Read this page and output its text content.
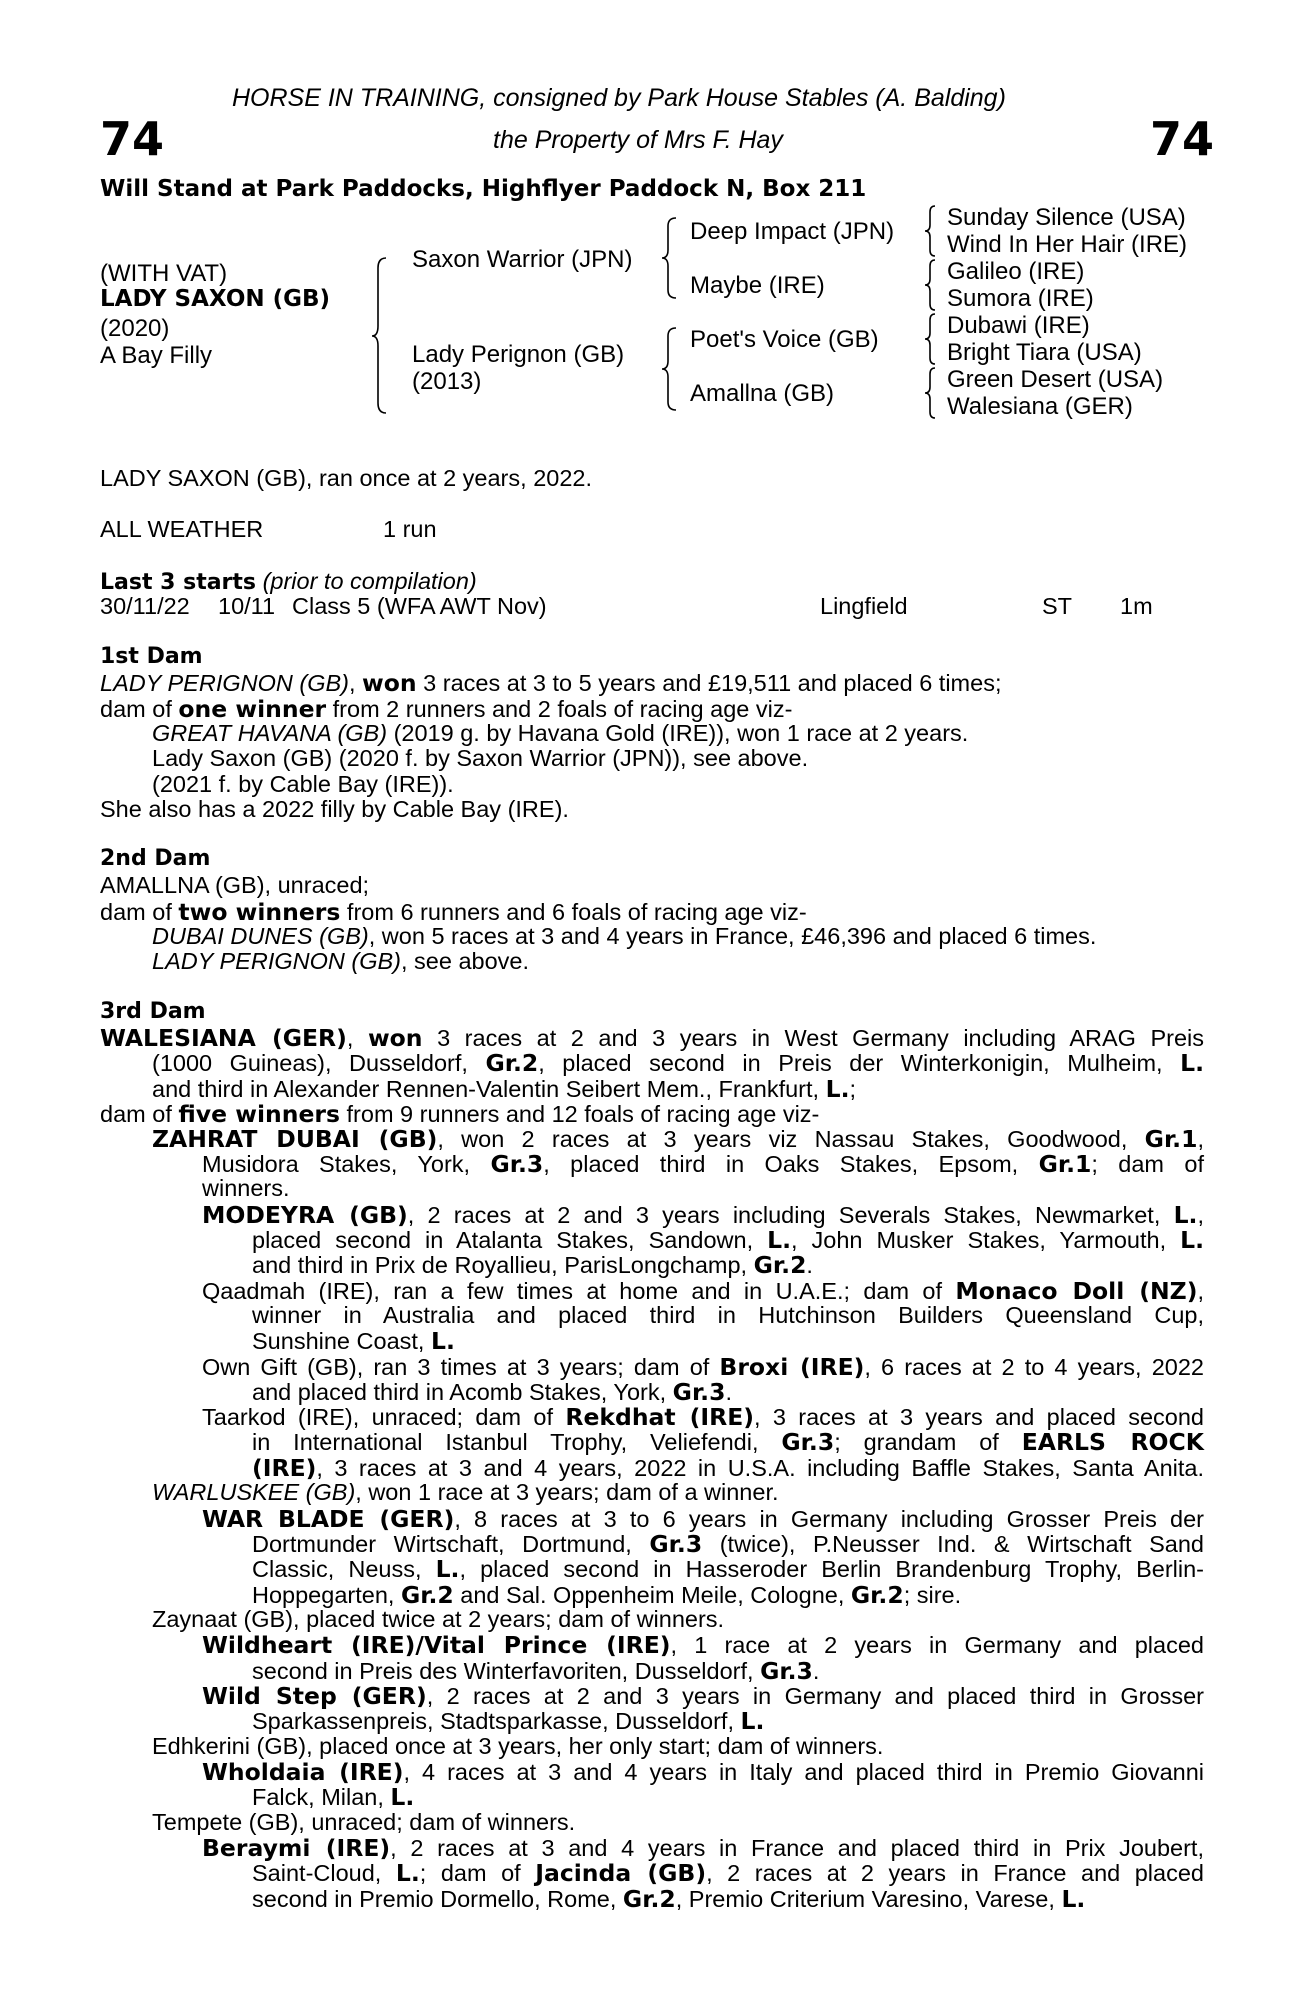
74	74
HORSE IN TRAINING, consigned by Park House Stables (A. Balding)
the Property of Mrs F. Hay
Will Stand at Park Paddocks, Highflyer Paddock N, Box 211
(WITH VAT)
LADY SAXON (GB)
(2020)
A Bay Filly
Saxon Warrior (JPN)
Lady Perignon (GB)
(2013)
Deep Impact (JPN)
Maybe (IRE)
Poet's Voice (GB)
Amallna (GB)
Sunday Silence (USA)
Wind In Her Hair (IRE)
Galileo (IRE)
Sumora (IRE)
Dubawi (IRE)
Bright Tiara (USA)
Green Desert (USA)
Walesiana (GER)
LADY SAXON (GB), ran once at 2 years, 2022.
ALL WEATHER	1 run
Last 3 starts (prior to compilation)
30/11/22 10/11 Class 5 (WFA AWT Nov)	Lingfield	ST 1m
1st Dam
LADY PERIGNON (GB), won 3 races at 3 to 5 years and £19,511 and placed 6 times;
dam of one winner from 2 runners and 2 foals of racing age viz-
GREAT HAVANA (GB) (2019 g. by Havana Gold (IRE)), won 1 race at 2 years.
Lady Saxon (GB) (2020 f. by Saxon Warrior (JPN)), see above.
(2021 f. by Cable Bay (IRE)).
She also has a 2022 filly by Cable Bay (IRE).
2nd Dam
AMALLNA (GB), unraced;
dam of two winners from 6 runners and 6 foals of racing age viz-
DUBAI DUNES (GB), won 5 races at 3 and 4 years in France, £46,396 and placed 6 times.
LADY PERIGNON (GB), see above.
3rd Dam
WALESIANA (GER), won 3 races at 2 and 3 years in West Germany including ARAG Preis
(1000 Guineas), Dusseldorf, Gr.2, placed second in Preis der Winterkonigin, Mulheim, L.
and third in Alexander Rennen-Valentin Seibert Mem., Frankfurt, L.;
dam of five winners from 9 runners and 12 foals of racing age viz-
ZAHRAT DUBAI (GB), won 2 races at 3 years viz Nassau Stakes, Goodwood, Gr.1,
Musidora Stakes, York, Gr.3, placed third in Oaks Stakes, Epsom, Gr.1; dam of
winners.
MODEYRA (GB), 2 races at 2 and 3 years including Severals Stakes, Newmarket, L.,
placed second in Atalanta Stakes, Sandown, L., John Musker Stakes, Yarmouth, L.
and third in Prix de Royallieu, ParisLongchamp, Gr.2.
Qaadmah (IRE), ran a few times at home and in U.A.E.; dam of Monaco Doll (NZ),
winner in Australia and placed third in Hutchinson Builders Queensland Cup,
Sunshine Coast, L.
Own Gift (GB), ran 3 times at 3 years; dam of Broxi (IRE), 6 races at 2 to 4 years, 2022
and placed third in Acomb Stakes, York, Gr.3.
Taarkod (IRE), unraced; dam of Rekdhat (IRE), 3 races at 3 years and placed second
in International Istanbul Trophy, Veliefendi, Gr.3; grandam of EARLS ROCK
(IRE), 3 races at 3 and 4 years, 2022 in U.S.A. including Baffle Stakes, Santa Anita.
WARLUSKEE (GB), won 1 race at 3 years; dam of a winner.
WAR BLADE (GER), 8 races at 3 to 6 years in Germany including Grosser Preis der
Dortmunder Wirtschaft, Dortmund, Gr.3 (twice), P.Neusser Ind. & Wirtschaft Sand
Classic, Neuss, L., placed second in Hasseroder Berlin Brandenburg Trophy, Berlin-
Hoppegarten, Gr.2 and Sal. Oppenheim Meile, Cologne, Gr.2; sire.
Zaynaat (GB), placed twice at 2 years; dam of winners.
Wildheart (IRE)/Vital Prince (IRE), 1 race at 2 years in Germany and placed
second in Preis des Winterfavoriten, Dusseldorf, Gr.3.
Wild Step (GER), 2 races at 2 and 3 years in Germany and placed third in Grosser
Sparkassenpreis, Stadtsparkasse, Dusseldorf, L.
Edhkerini (GB), placed once at 3 years, her only start; dam of winners.
Wholdaia (IRE), 4 races at 3 and 4 years in Italy and placed third in Premio Giovanni
Falck, Milan, L.
Tempete (GB), unraced; dam of winners.
Beraymi (IRE), 2 races at 3 and 4 years in France and placed third in Prix Joubert,
Saint-Cloud, L.; dam of Jacinda (GB), 2 races at 2 years in France and placed
second in Premio Dormello, Rome, Gr.2, Premio Criterium Varesino, Varese, L.
